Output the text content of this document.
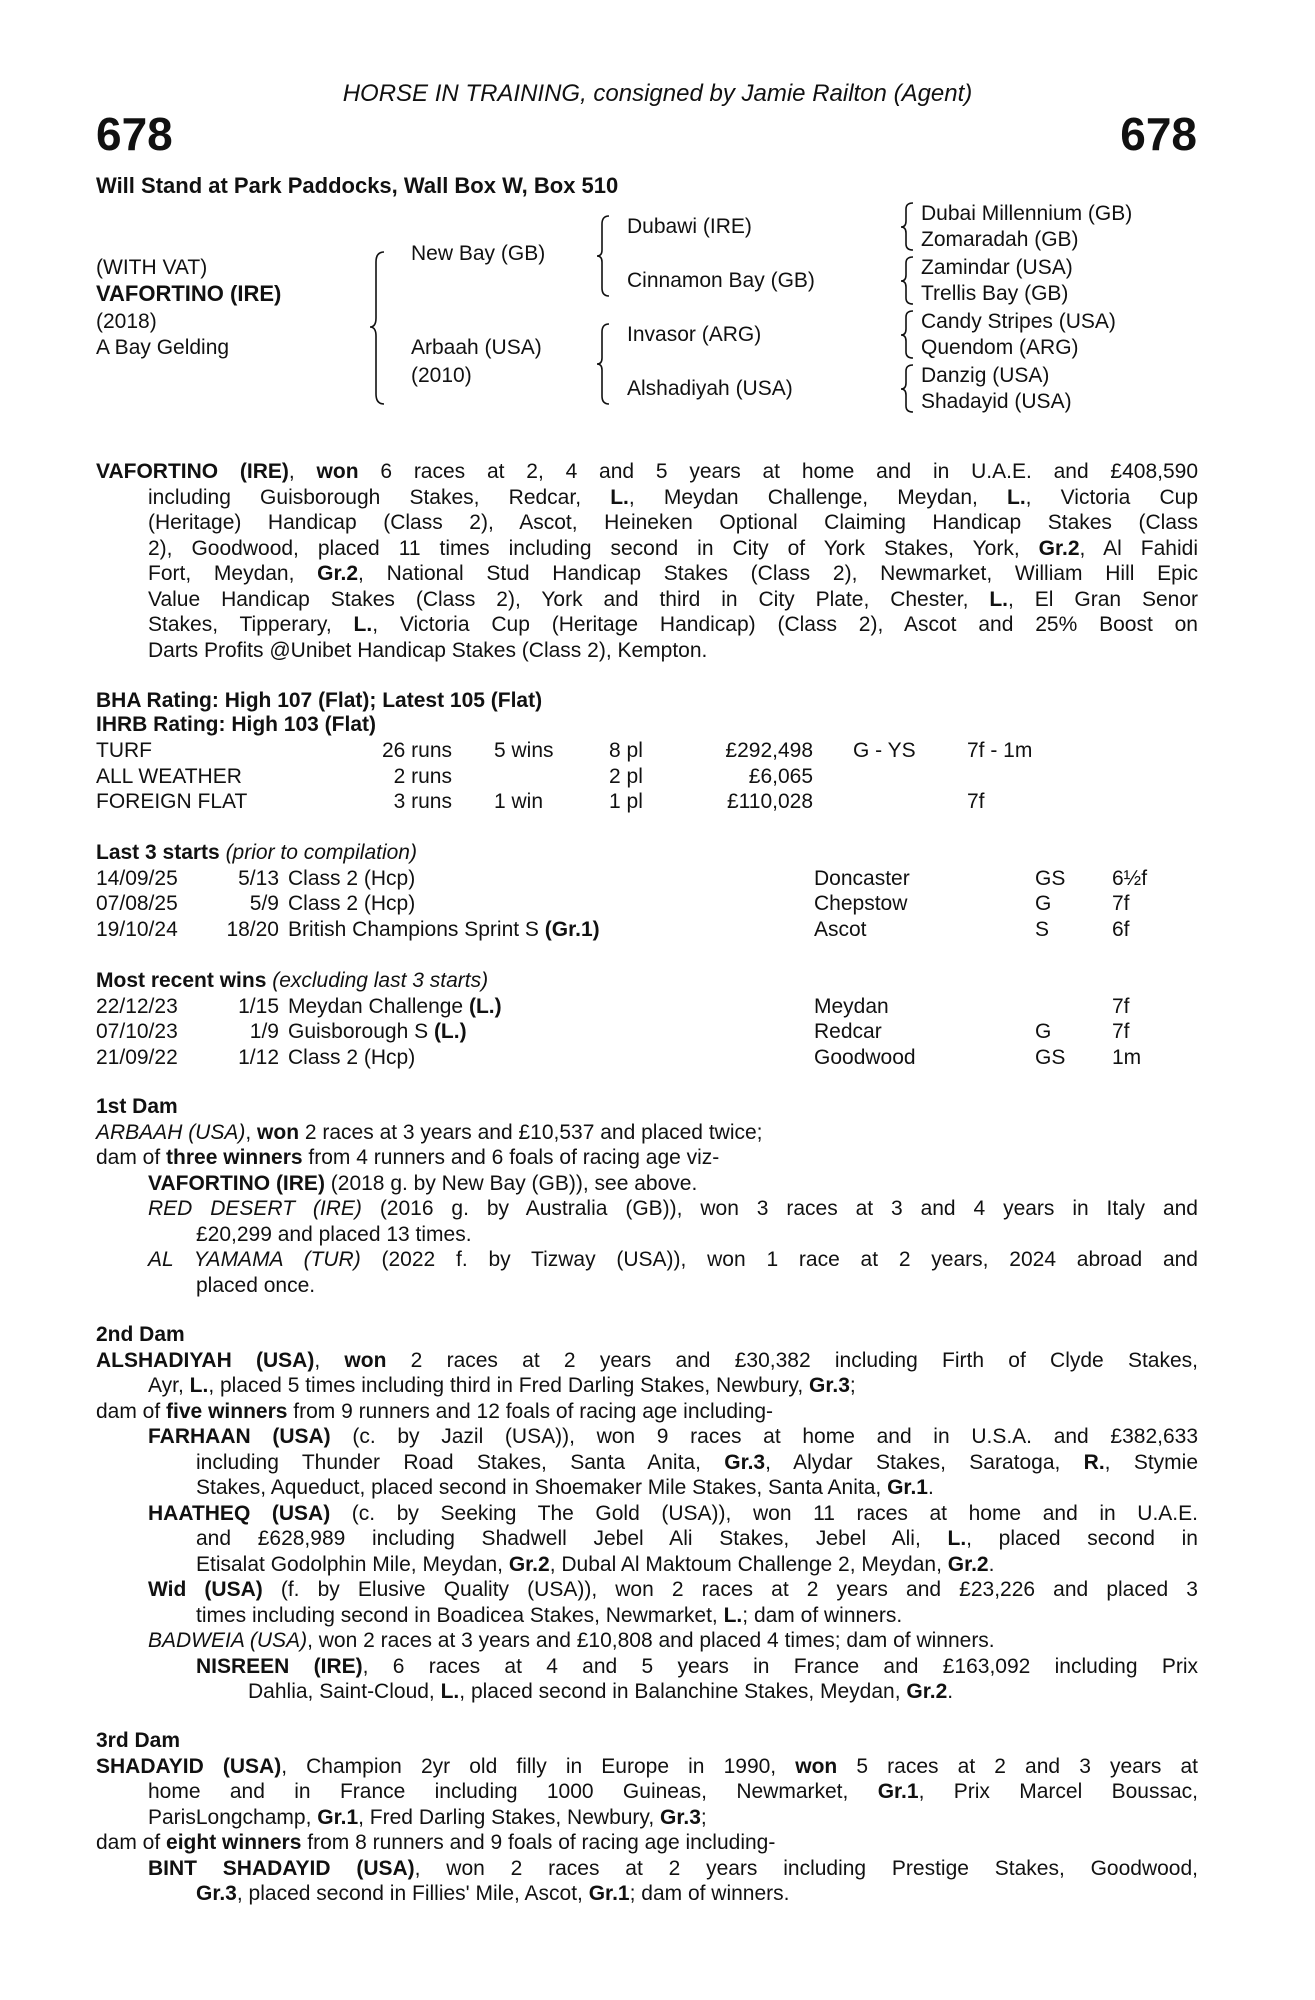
HORSE IN TRAINING, consigned by Jamie Railton (Agent)
678	678
Will Stand at Park Paddocks, Wall Box W, Box 510
(WITH VAT)
VAFORTINO (IRE)
(2018)
A Bay Gelding
New Bay (GB)
Arbaah (USA)
(2010)
Dubawi (IRE)
Cinnamon Bay (GB)
Invasor (ARG)
Alshadiyah (USA)
Dubai Millennium (GB)
Zomaradah (GB)
Zamindar (USA)
Trellis Bay (GB)
Candy Stripes (USA)
Quendom (ARG)
Danzig (USA)
Shadayid (USA)
VAFORTINO (IRE), won 6 races at 2, 4 and 5 years at home and in U.A.E. and £408,590
including Guisborough Stakes, Redcar, L., Meydan Challenge, Meydan, L., Victoria Cup
(Heritage) Handicap (Class 2), Ascot, Heineken Optional Claiming Handicap Stakes (Class
2), Goodwood, placed 11 times including second in City of York Stakes, York, Gr.2, Al Fahidi
Fort, Meydan, Gr.2, National Stud Handicap Stakes (Class 2), Newmarket, William Hill Epic
Value Handicap Stakes (Class 2), York and third in City Plate, Chester, L., El Gran Senor
Stakes, Tipperary, L., Victoria Cup (Heritage Handicap) (Class 2), Ascot and 25% Boost on
Darts Profits @Unibet Handicap Stakes (Class 2), Kempton.
BHA Rating: High 107 (Flat); Latest 105 (Flat)
IHRB Rating: High 103 (Flat)
TURF	26 runs 5 wins	8 pl	£292,498 G - YS 7f - 1m
ALL WEATHER	2 runs	2 pl	£6,065
FOREIGN FLAT	3 runs 1 win	1 pl	£110,028	7f
Last 3 starts (prior to compilation)
14/09/25	5/13 Class 2 (Hcp)	Doncaster	GS 6½f
07/08/25	5/9 Class 2 (Hcp)	Chepstow	G	7f
19/10/24 18/20 British Champions Sprint S (Gr.1)	Ascot	S	6f
Most recent wins (excluding last 3 starts)
22/12/23	1/15 Meydan Challenge (L.)	Meydan	7f
07/10/23	1/9 Guisborough S (L.)	Redcar	G	7f
21/09/22	1/12 Class 2 (Hcp)	Goodwood	GS 1m
1st Dam
ARBAAH (USA), won 2 races at 3 years and £10,537 and placed twice;
dam of three winners from 4 runners and 6 foals of racing age viz-
VAFORTINO (IRE) (2018 g. by New Bay (GB)), see above.
RED DESERT (IRE) (2016 g. by Australia (GB)), won 3 races at 3 and 4 years in Italy and
£20,299 and placed 13 times.
AL YAMAMA (TUR) (2022 f. by Tizway (USA)), won 1 race at 2 years, 2024 abroad and
placed once.
2nd Dam
ALSHADIYAH (USA), won 2 races at 2 years and £30,382 including Firth of Clyde Stakes,
Ayr, L., placed 5 times including third in Fred Darling Stakes, Newbury, Gr.3;
dam of five winners from 9 runners and 12 foals of racing age including-
FARHAAN (USA) (c. by Jazil (USA)), won 9 races at home and in U.S.A. and £382,633
including Thunder Road Stakes, Santa Anita, Gr.3, Alydar Stakes, Saratoga, R., Stymie
Stakes, Aqueduct, placed second in Shoemaker Mile Stakes, Santa Anita, Gr.1.
HAATHEQ (USA) (c. by Seeking The Gold (USA)), won 11 races at home and in U.A.E.
and £628,989 including Shadwell Jebel Ali Stakes, Jebel Ali, L., placed second in
Etisalat Godolphin Mile, Meydan, Gr.2, Dubal Al Maktoum Challenge 2, Meydan, Gr.2.
Wid (USA) (f. by Elusive Quality (USA)), won 2 races at 2 years and £23,226 and placed 3
times including second in Boadicea Stakes, Newmarket, L.; dam of winners.
BADWEIA (USA), won 2 races at 3 years and £10,808 and placed 4 times; dam of winners.
NISREEN (IRE), 6 races at 4 and 5 years in France and £163,092 including Prix
Dahlia, Saint-Cloud, L., placed second in Balanchine Stakes, Meydan, Gr.2.
3rd Dam
SHADAYID (USA), Champion 2yr old filly in Europe in 1990, won 5 races at 2 and 3 years at
home and in France including 1000 Guineas, Newmarket, Gr.1, Prix Marcel Boussac,
ParisLongchamp, Gr.1, Fred Darling Stakes, Newbury, Gr.3;
dam of eight winners from 8 runners and 9 foals of racing age including-
BINT SHADAYID (USA), won 2 races at 2 years including Prestige Stakes, Goodwood,
Gr.3, placed second in Fillies' Mile, Ascot, Gr.1; dam of winners.
